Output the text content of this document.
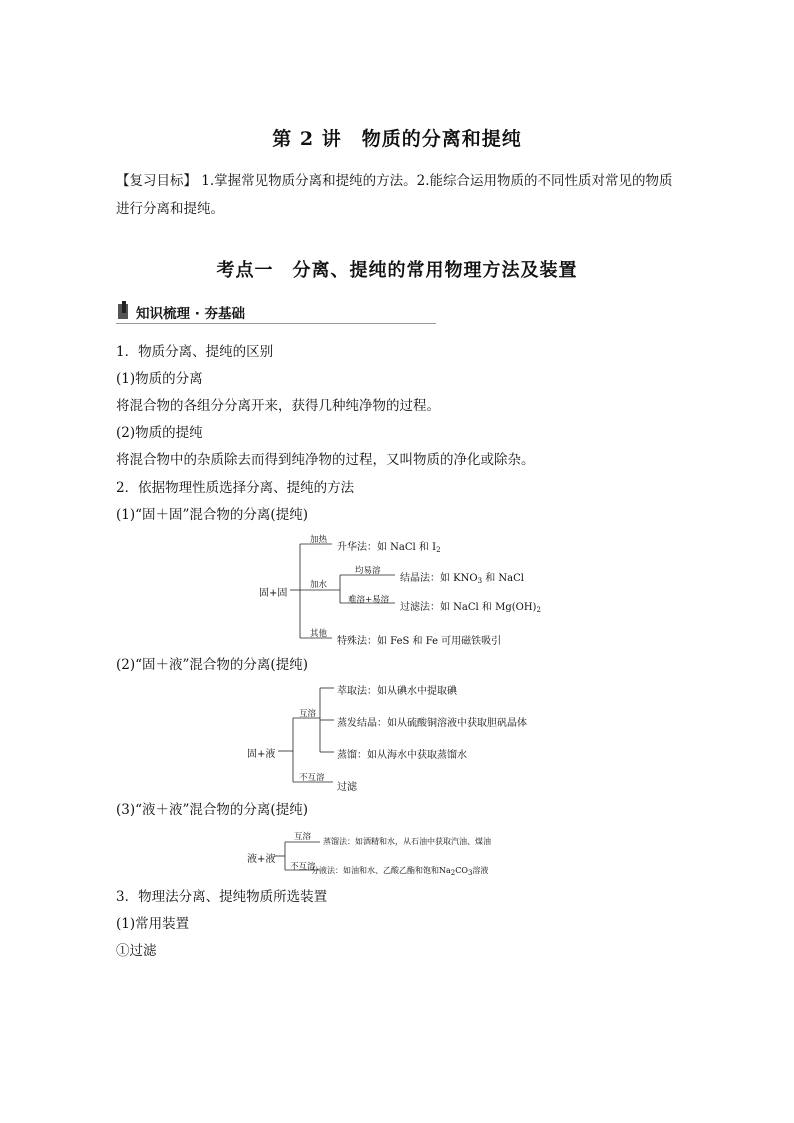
第 2 讲　物质的分离和提纯
【复习目标】 1.掌握常见物质分离和提纯的方法。2.能综合运用物质的不同性质对常见的物质
进行分离和提纯。
考点一　分离、提纯的常用物理方法及装置
知识梳理 · 夯基础
1．物质分离、提纯的区别
(1)物质的分离
将混合物的各组分分离开来，获得几种纯净物的过程。
(2)物质的提纯
将混合物中的杂质除去而得到纯净物的过程，又叫物质的净化或除杂。
2．依据物理性质选择分离、提纯的方法
(1)“固＋固”混合物的分离(提纯)
固+固
加热
升华法：如 NaCl 和 $I_2$
加水
均易溶
结晶法：如 $KNO_3$ 和 NaCl
难溶+易溶
过滤法：如 NaCl 和 $Mg(OH)_2$
其他
特殊法：如 FeS 和 Fe 可用磁铁吸引
(2)“固＋液”混合物的分离(提纯)
固+液
互溶
萃取法：如从碘水中提取碘
蒸发结晶：如从硫酸铜溶液中获取胆矾晶体
蒸馏：如从海水中获取蒸馏水
不互溶
过滤
(3)“液＋液”混合物的分离(提纯)
液+液
互溶
不互溶
蒸馏法：如酒精和水，从石油中获取汽油、煤油
分液法：如油和水、乙酸乙酯和饱和Na2CO3溶液
3．物理法分离、提纯物质所选装置
(1)常用装置
①过滤
